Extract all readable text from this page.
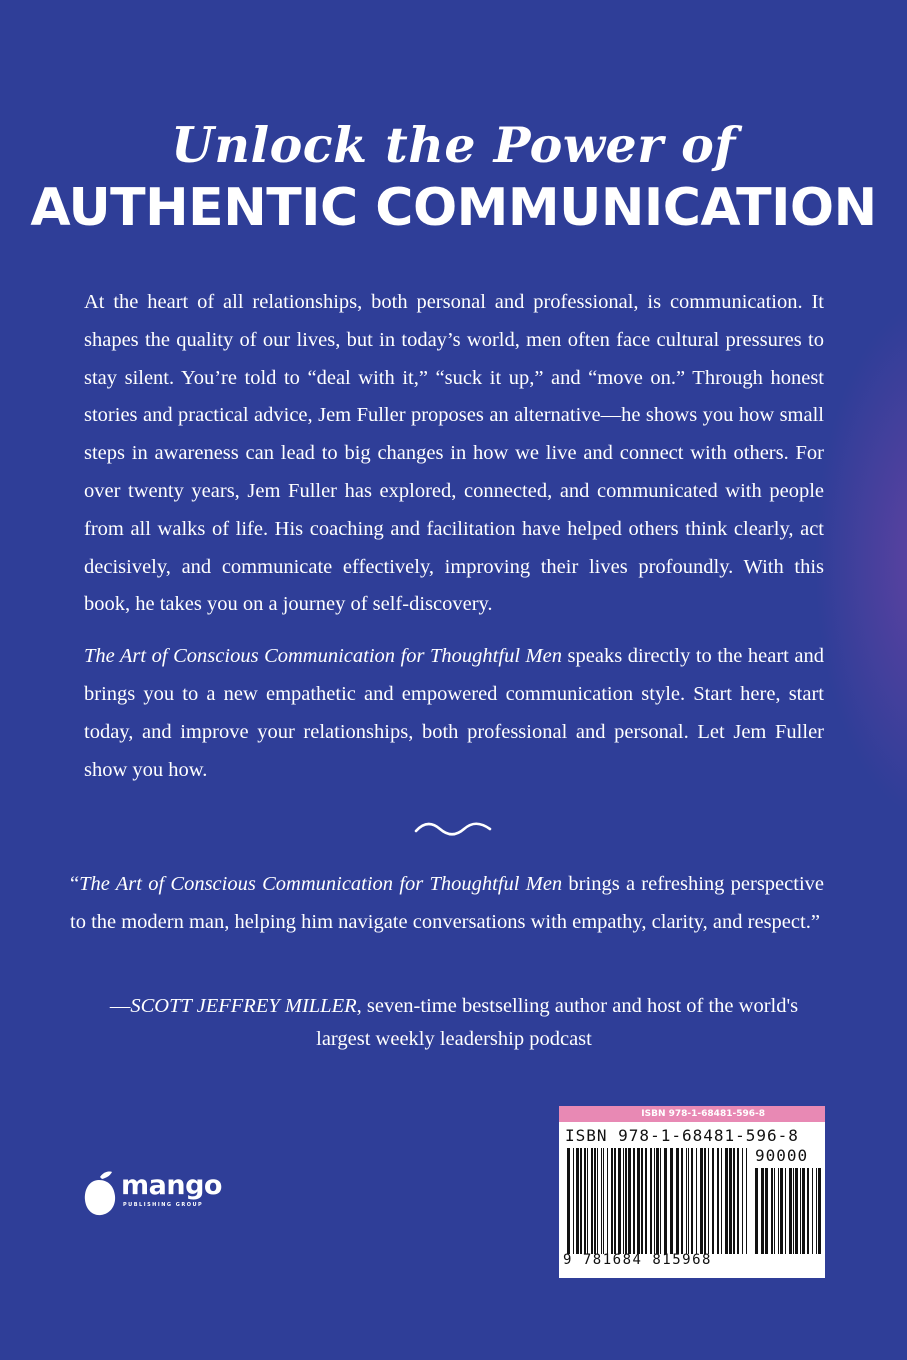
Unlock the Power of
AUTHENTIC COMMUNICATION

At the heart of all relationships, both personal and professional, is communication. It shapes the quality of our lives, but in today’s world, men often face cultural pressures to stay silent. You’re told to “deal with it,” “suck it up,” and “move on.” Through honest stories and practical advice, Jem Fuller proposes an alternative—he shows you how small steps in awareness can lead to big changes in how we live and connect with others. For over twenty years, Jem Fuller has explored, connected, and communicated with people from all walks of life. His coaching and facilitation have helped others think clearly, act decisively, and communicate effectively, improving their lives profoundly. With this book, he takes you on a journey of self-discovery.

The Art of Conscious Communication for Thoughtful Men speaks directly to the heart and brings you to a new empathetic and empowered communication style. Start here, start today, and improve your relationships, both professional and personal. Let Jem Fuller show you how.

“The Art of Conscious Communication for Thoughtful Men brings a refreshing perspective to the modern man, helping him navigate conversations with empathy, clarity, and respect.”
—SCOTT JEFFREY MILLER, seven-time bestselling author and host of the world's largest weekly leadership podcast
mango
PUBLISHING GROUP
ISBN 978-1-68481-596-8
ISBN 978-1-68481-596-8
90000
9 781684 815968
